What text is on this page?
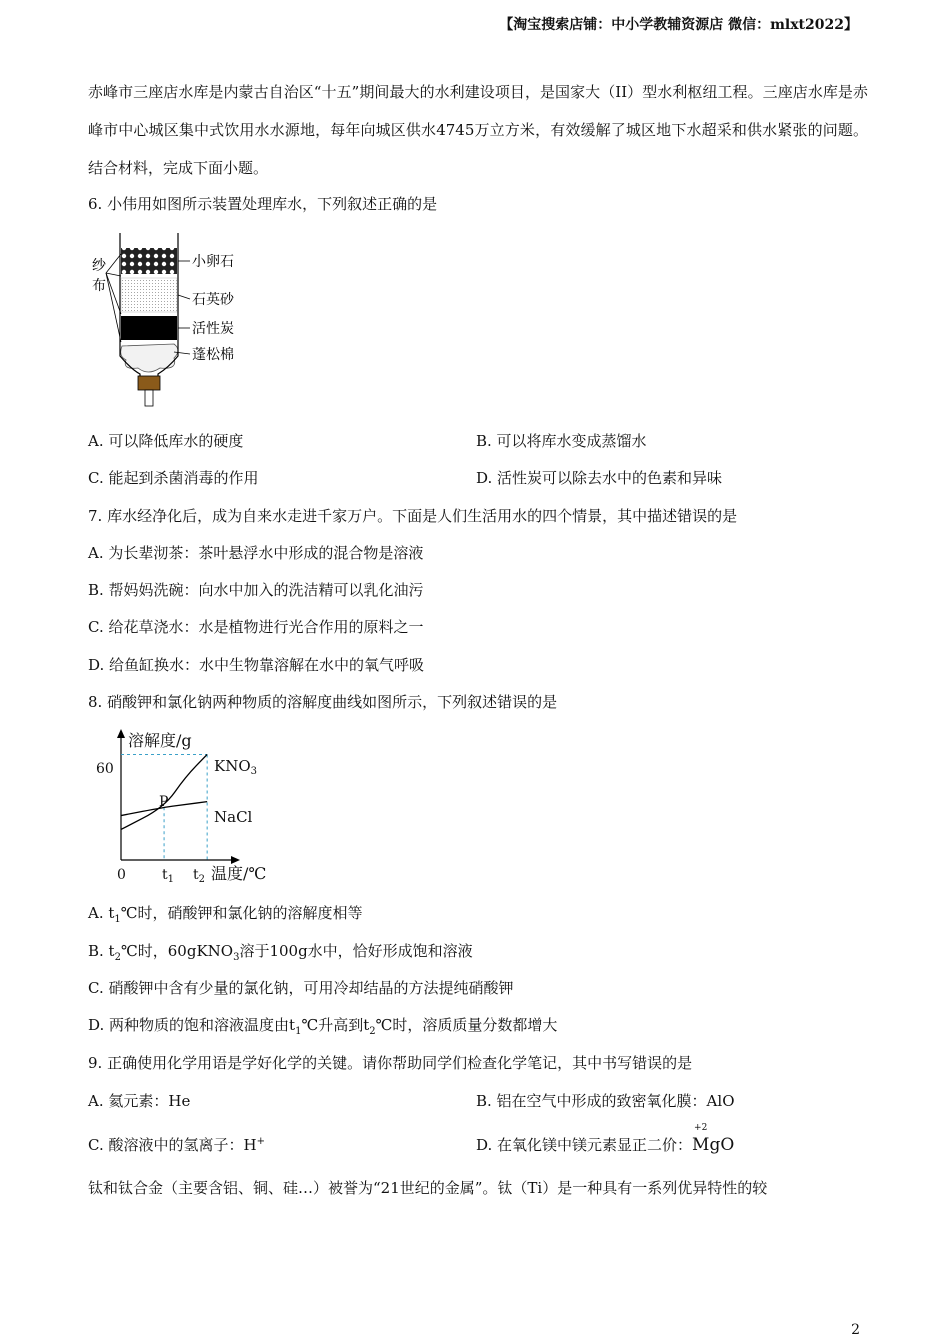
【淘宝搜索店铺：中小学教辅资源店 微信：mlxt2022】
赤峰市三座店水库是内蒙古自治区“十五”期间最大的水利建设项目，是国家大（II）型水利枢纽工程。三座店水库是赤峰市中心城区集中式饮用水水源地，每年向城区供水4745万立方米，有效缓解了城区地下水超采和供水紧张的问题。结合材料，完成下面小题。
6. 小伟用如图所示装置处理库水，下列叙述正确的是
纱
布
小卵石
石英砂
活性炭
蓬松棉
A. 可以降低库水的硬度	B. 可以将库水变成蒸馏水
C. 能起到杀菌消毒的作用	D. 活性炭可以除去水中的色素和异味
7. 库水经净化后，成为自来水走进千家万户。下面是人们生活用水的四个情景，其中描述错误的是
A. 为长辈沏茶：茶叶悬浮水中形成的混合物是溶液
B. 帮妈妈洗碗：向水中加入的洗洁精可以乳化油污
C. 给花草浇水：水是植物进行光合作用的原料之一
D. 给鱼缸换水：水中生物靠溶解在水中的氧气呼吸
8. 硝酸钾和氯化钠两种物质的溶解度曲线如图所示，下列叙述错误的是
溶解度/g
0
60
温度/℃
$t_1$ $t_2$
P
$KNO_3$
NaCl
A. $t_1℃$时，硝酸钾和氯化钠的溶解度相等
B. $t_2℃$时，60gKNO$_3$溶于100g水中，恰好形成饱和溶液
C. 硝酸钾中含有少量的氯化钠，可用冷却结晶的方法提纯硝酸钾
D. 两种物质的饱和溶液温度由$t_1℃$升高到$t_2℃$时，溶质质量分数都增大
9. 正确使用化学用语是学好化学的关键。请你帮助同学们检查化学笔记，其中书写错误的是
A. 氦元素：He	B. 铝在空气中形成的致密氧化膜：AlO
C. 酸溶液中的氢离子：H+	D. 在氧化镁中镁元素显正二价：
+2
MgO
钛和钛合金（主要含铝、铜、硅…）被誉为“21世纪的金属”。钛（Ti）是一种具有一系列优异特性的较
2
